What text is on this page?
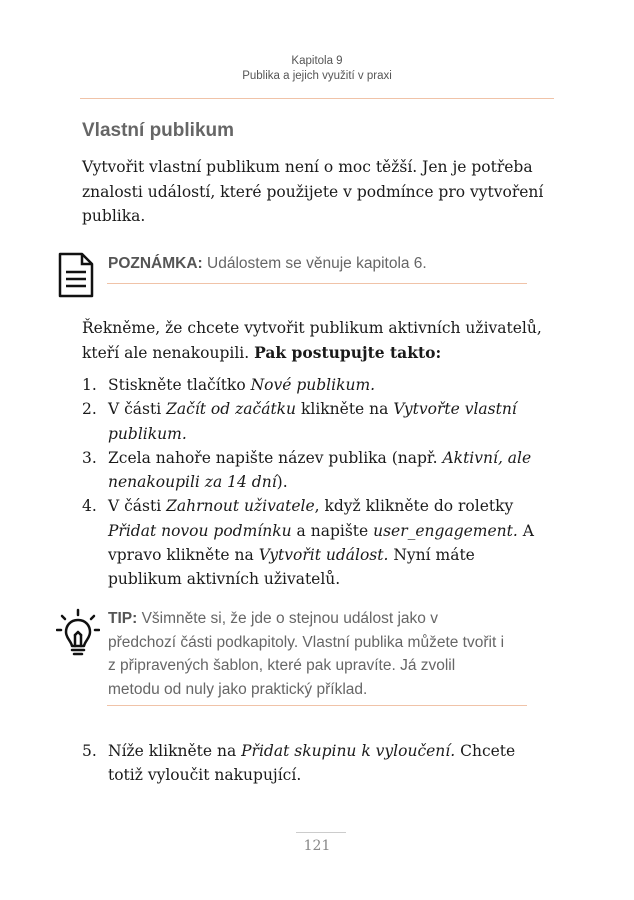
Kapitola 9
Publika a jejich využití v praxi
Vlastní publikum

Vytvořit vlastní publikum není o moc těžší. Jen je potřeba znalosti událostí, které použijete v podmínce pro vytvoření publika.

POZNÁMKA: Událostem se věnuje kapitola 6.

Řekněme, že chcete vytvořit publikum aktivních uživatelů, kteří ale nenakoupili. Pak postupujte takto:

1. Stiskněte tlačítko Nové publikum.
2. V části Začít od začátku klikněte na Vytvořte vlastní publikum.
3. Zcela nahoře napište název publika (např. Aktivní, ale nenakoupili za 14 dní).
4. V části Zahrnout uživatele, když klikněte do roletky Přidat novou podmínku a napište user_engagement. A vpravo klikněte na Vytvořit událost. Nyní máte publikum aktivních uživatelů.
TIP: Všimněte si, že jde o stejnou událost jako v předchozí části podkapitoly. Vlastní publika můžete tvořit i z připravených šablon, které pak upravíte. Já zvolil metodu od nuly jako praktický příklad.
5. Níže klikněte na Přidat skupinu k vyloučení. Chcete totiž vyloučit nakupující.
121
